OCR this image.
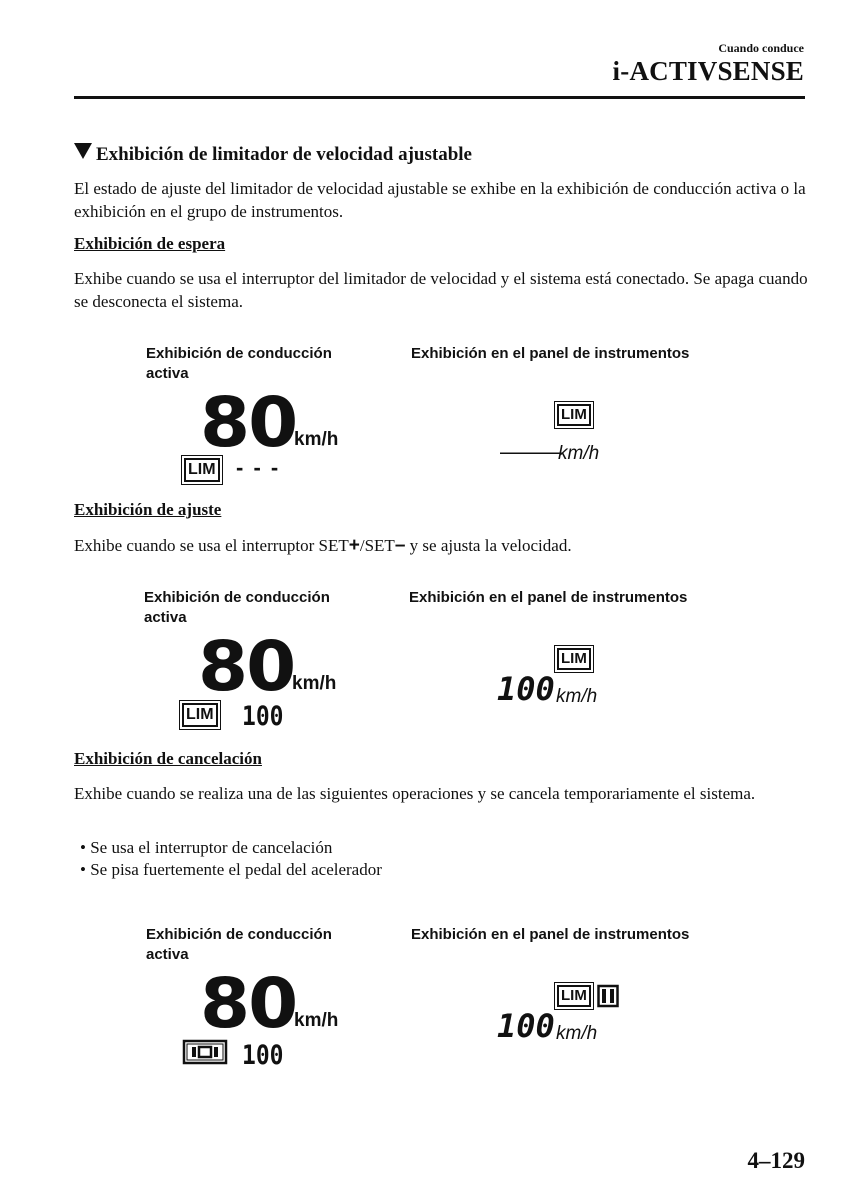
Cuando conduce
i-ACTIVSENSE
Exhibición de limitador de velocidad ajustable
El estado de ajuste del limitador de velocidad ajustable se exhibe en la exhibición de conducción activa o la exhibición en el grupo de instrumentos.
Exhibición de espera
Exhibe cuando se usa el interruptor del limitador de velocidad y el sistema está conectado. Se apaga cuando se desconecta el sistema.
Exhibición de conducción activa
Exhibición en el panel de instrumentos
80
km/h
LIM - - -
LIM
———
km/h
Exhibición de ajuste
Exhibe cuando se usa el interruptor SET+/SET– y se ajusta la velocidad.
Exhibición de conducción activa
Exhibición en el panel de instrumentos
80
km/h
LIM 100
LIM
100 km/h
Exhibición de cancelación
Exhibe cuando se realiza una de las siguientes operaciones y se cancela temporariamente el sistema.
• Se usa el interruptor de cancelación
• Se pisa fuertemente el pedal del acelerador
Exhibición de conducción activa
Exhibición en el panel de instrumentos
80
km/h
100
LIM
100 km/h
4–129
